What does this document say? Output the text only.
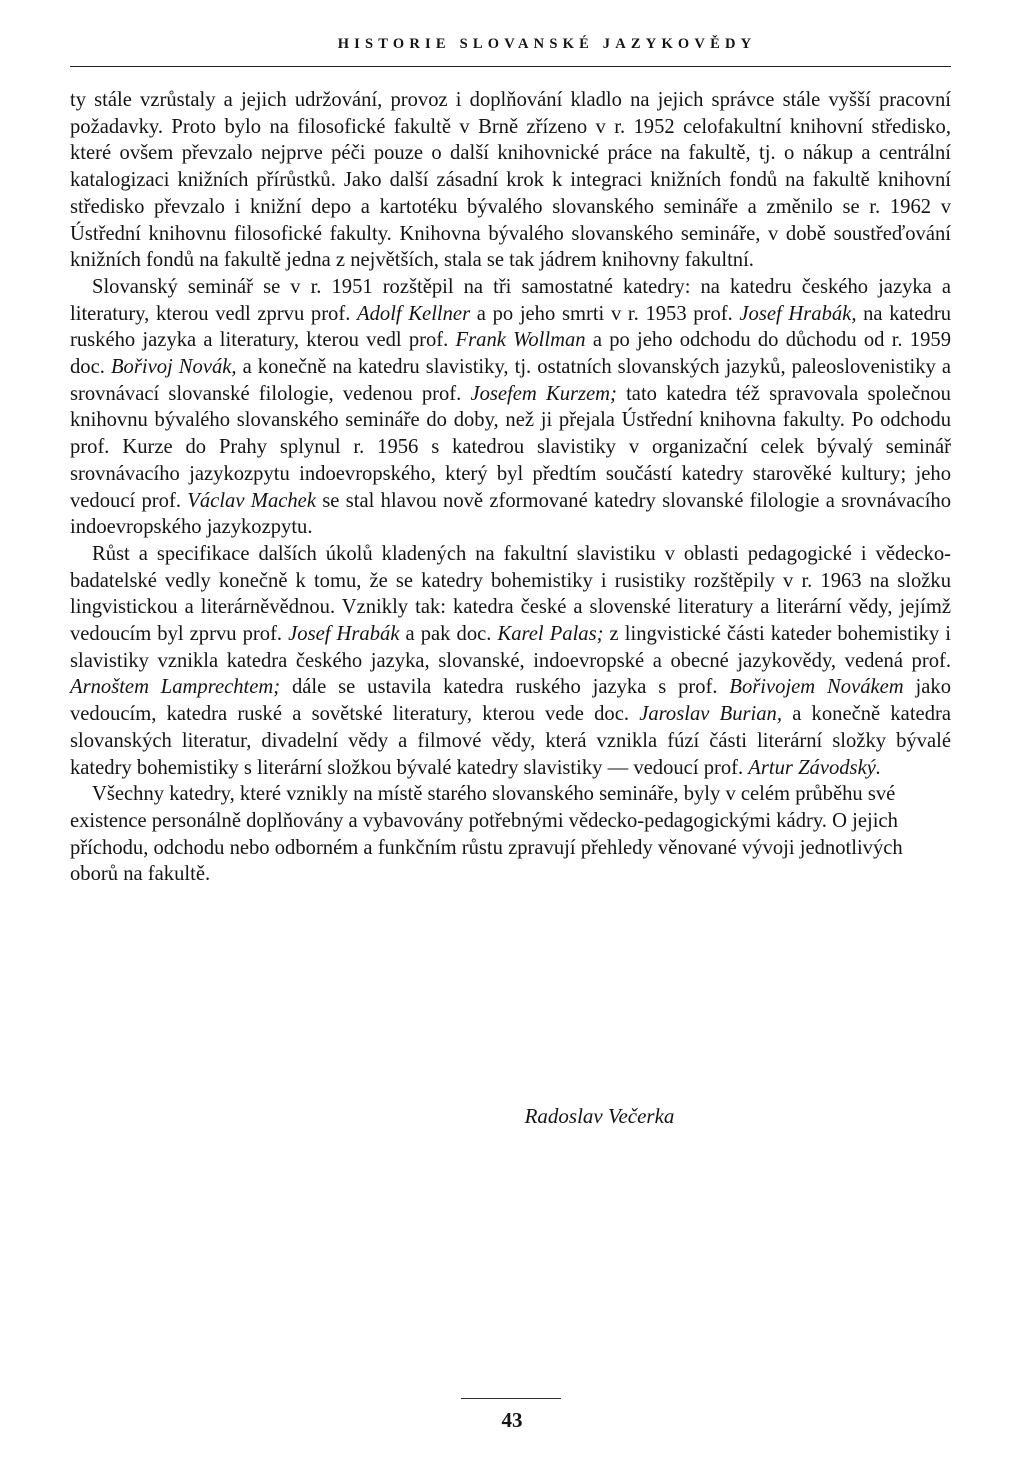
HISTORIE SLOVANSKÉ JAZYKOVĚDY

ty stále vzrůstaly a jejich udržování, provoz i doplňování kladlo na jejich správce stále vyšší pracovní požadavky. Proto bylo na filosofické fakultě v Brně zřízeno v r. 1952 celofakultní knihovní středisko, které ovšem převzalo nejprve péči pouze o další knihovnické práce na fakultě, tj. o nákup a centrální katalogizaci knižních přírůstků. Jako další zásadní krok k integraci knižních fondů na fakultě knihovní středisko převzalo i knižní depo a kartotéku bývalého slovanského semináře a změnilo se r. 1962 v Ústřední knihovnu filosofické fakulty. Knihovna bývalého slovanského semináře, v době soustřeďování knižních fondů na fakultě jedna z největších, stala se tak jádrem knihovny fakultní.

Slovanský seminář se v r. 1951 rozštěpil na tři samostatné katedry: na katedru českého jazyka a literatury, kterou vedl zprvu prof. Adolf Kellner a po jeho smrti v r. 1953 prof. Josef Hrabák, na katedru ruského jazyka a literatury, kterou vedl prof. Frank Wollman a po jeho odchodu do důchodu od r. 1959 doc. Bořivoj Novák, a konečně na katedru slavistiky, tj. ostatních slovanských jazyků, paleoslovenistiky a srovnávací slovanské filologie, vedenou prof. Josefem Kurzem; tato katedra též spravovala společnou knihovnu bývalého slovanského semináře do doby, než ji přejala Ústřední knihovna fakulty. Po odchodu prof. Kurze do Prahy splynul r. 1956 s katedrou slavistiky v organizační celek bývalý seminář srovnávacího jazykozpytu indoevropského, který byl předtím součástí katedry starověké kultury; jeho vedoucí prof. Václav Machek se stal hlavou nově zformované katedry slovanské filologie a srovnávacího indoevropského jazykozpytu.

Růst a specifikace dalších úkolů kladených na fakultní slavistiku v oblasti pedagogické i vědecko-badatelské vedly konečně k tomu, že se katedry bohemistiky i rusistiky rozštěpily v r. 1963 na složku lingvistickou a literárněvědnou. Vznikly tak: katedra české a slovenské literatury a literární vědy, jejímž vedoucím byl zprvu prof. Josef Hrabák a pak doc. Karel Palas; z lingvistické části kateder bohemistiky i slavistiky vznikla katedra českého jazyka, slovanské, indoevropské a obecné jazykovědy, vedená prof. Arnoštem Lamprechtem; dále se ustavila katedra ruského jazyka s prof. Bořivojem Novákem jako vedoucím, katedra ruské a sovětské literatury, kterou vede doc. Jaroslav Burian, a konečně katedra slovanských literatur, divadelní vědy a filmové vědy, která vznikla fúzí části literární složky bývalé katedry bohemistiky s literární složkou bývalé katedry slavistiky — vedoucí prof. Artur Závodský.

Všechny katedry, které vznikly na místě starého slovanského semináře, byly v celém průběhu své existence personálně doplňovány a vybavovány potřebnými vědecko-pedagogickými kádry. O jejich příchodu, odchodu nebo odborném a funkčním růstu zpravují přehledy věnované vývoji jednotlivých oborů na fakultě.

Radoslav Večerka
43
